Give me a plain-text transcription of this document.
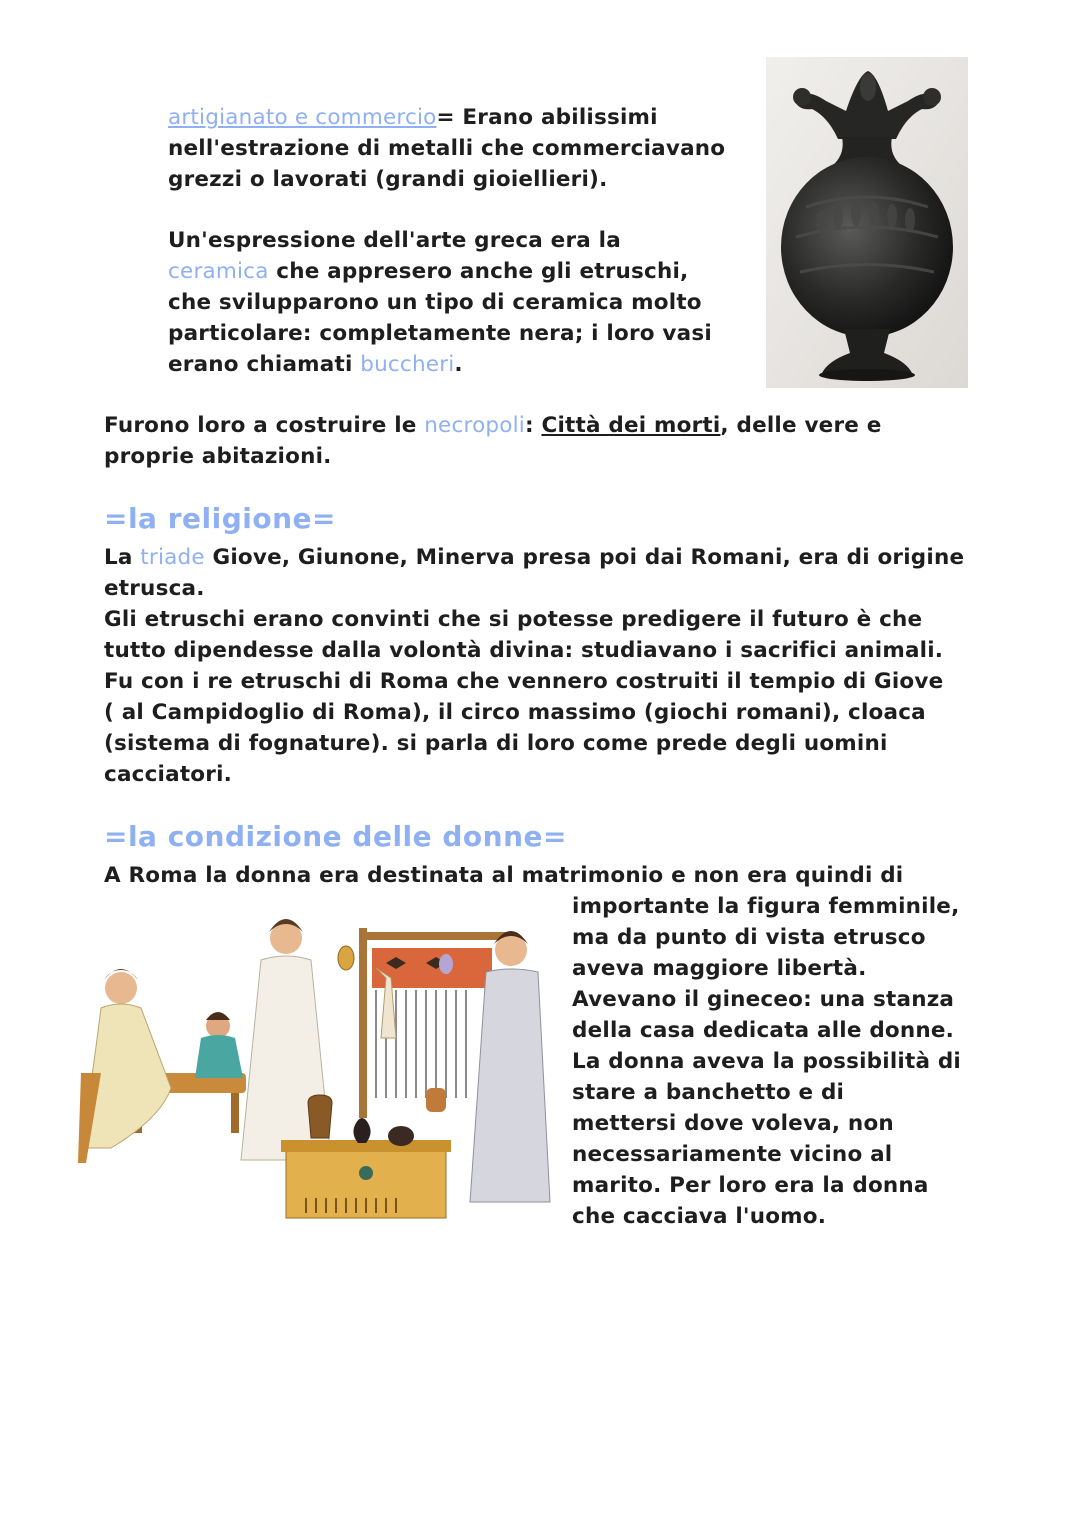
artigianato e commercio= Erano abilissimi
nell'estrazione di metalli che commerciavano
grezzi o lavorati (grandi gioiellieri).
Un'espressione dell'arte greca era la
ceramica che appresero anche gli etruschi,
che svilupparono un tipo di ceramica molto
particolare: completamente nera; i loro vasi
erano chiamati buccheri.
Furono loro a costruire le necropoli: Città dei morti, delle vere e
proprie abitazioni.
=la religione=
La triade Giove, Giunone, Minerva presa poi dai Romani, era di origine
etrusca.
Gli etruschi erano convinti che si potesse predigere il futuro è che
tutto dipendesse dalla volontà divina: studiavano i sacrifici animali.
Fu con i re etruschi di Roma che vennero costruiti il tempio di Giove
( al Campidoglio di Roma), il circo massimo (giochi romani), cloaca
(sistema di fognature). si parla di loro come prede degli uomini
cacciatori.
=la condizione delle donne=
A Roma la donna era destinata al matrimonio e non era quindi di
importante la figura femminile,
ma da punto di vista etrusco
aveva maggiore libertà.
Avevano il gineceo: una stanza
della casa dedicata alle donne.
La donna aveva la possibilità di
stare a banchetto e di
mettersi dove voleva, non
necessariamente vicino al
marito. Per loro era la donna
che cacciava l'uomo.
